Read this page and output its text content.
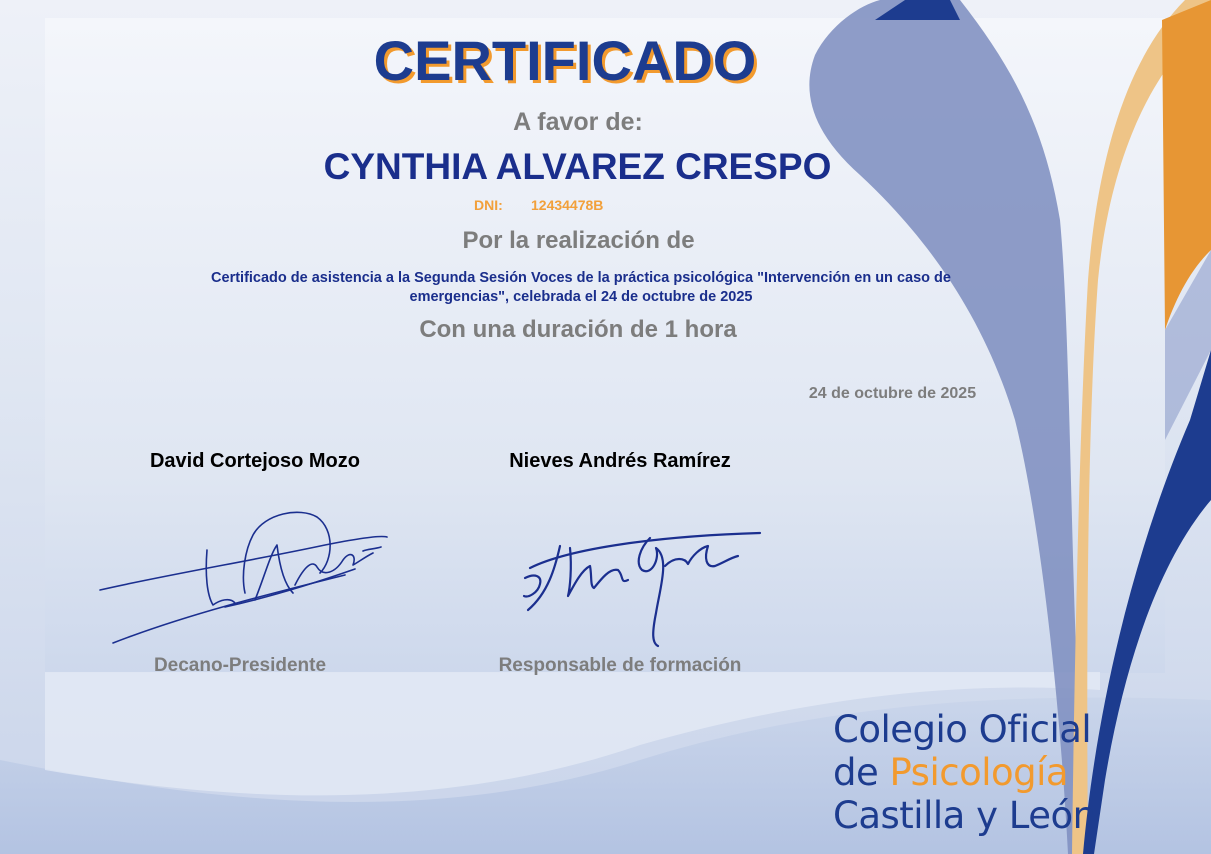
CERTIFICADO
A favor de:
CYNTHIA ALVAREZ CRESPO
DNI: 12434478B
Por la realización de
Certificado de asistencia a la Segunda Sesión Voces de la práctica psicológica "Intervención en un caso de
emergencias", celebrada el 24 de octubre de 2025
Con una duración de 1 hora
24 de octubre de 2025
David Cortejoso Mozo	Nieves Andrés Ramírez
Decano-Presidente	Responsable de formación
Colegio Oficial
de Psicología
Castilla y León
